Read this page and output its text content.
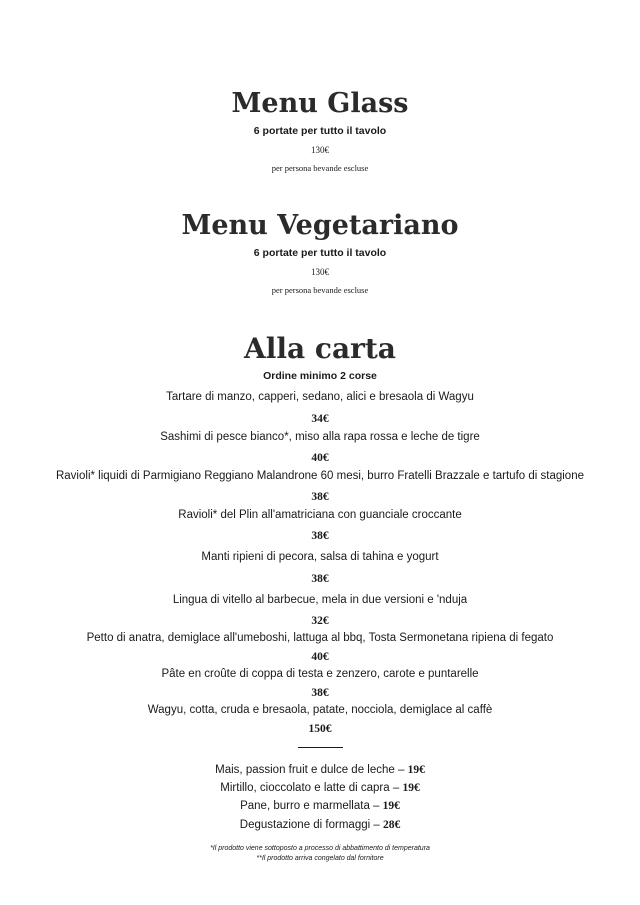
Menu Glass
6 portate per tutto il tavolo
130€
per persona bevande escluse
Menu Vegetariano
6 portate per tutto il tavolo
130€
per persona bevande escluse
Alla carta
Ordine minimo 2 corse
Tartare di manzo, capperi, sedano, alici e bresaola di Wagyu
34€
Sashimi di pesce bianco*, miso alla rapa rossa e leche de tigre
40€
Ravioli* liquidi di Parmigiano Reggiano Malandrone 60 mesi, burro Fratelli Brazzale e tartufo di stagione
38€
Ravioli* del Plin all'amatriciana con guanciale croccante
38€
Manti ripieni di pecora, salsa di tahina e yogurt
38€
Lingua di vitello al barbecue, mela in due versioni e 'nduja
32€
Petto di anatra, demiglace all'umeboshi, lattuga al bbq, Tosta Sermonetana ripiena di fegato
40€
Pâte en croûte di coppa di testa e zenzero, carote e puntarelle
38€
Wagyu, cotta, cruda e bresaola, patate, nocciola, demiglace al caffè
150€
Mais, passion fruit e dulce de leche – 19€
Mirtillo, cioccolato e latte di capra – 19€
Pane, burro e marmellata – 19€
Degustazione di formaggi – 28€
*Il prodotto viene sottoposto a processo di abbattimento di temperatura
**Il prodotto arriva congelato dal fornitore
